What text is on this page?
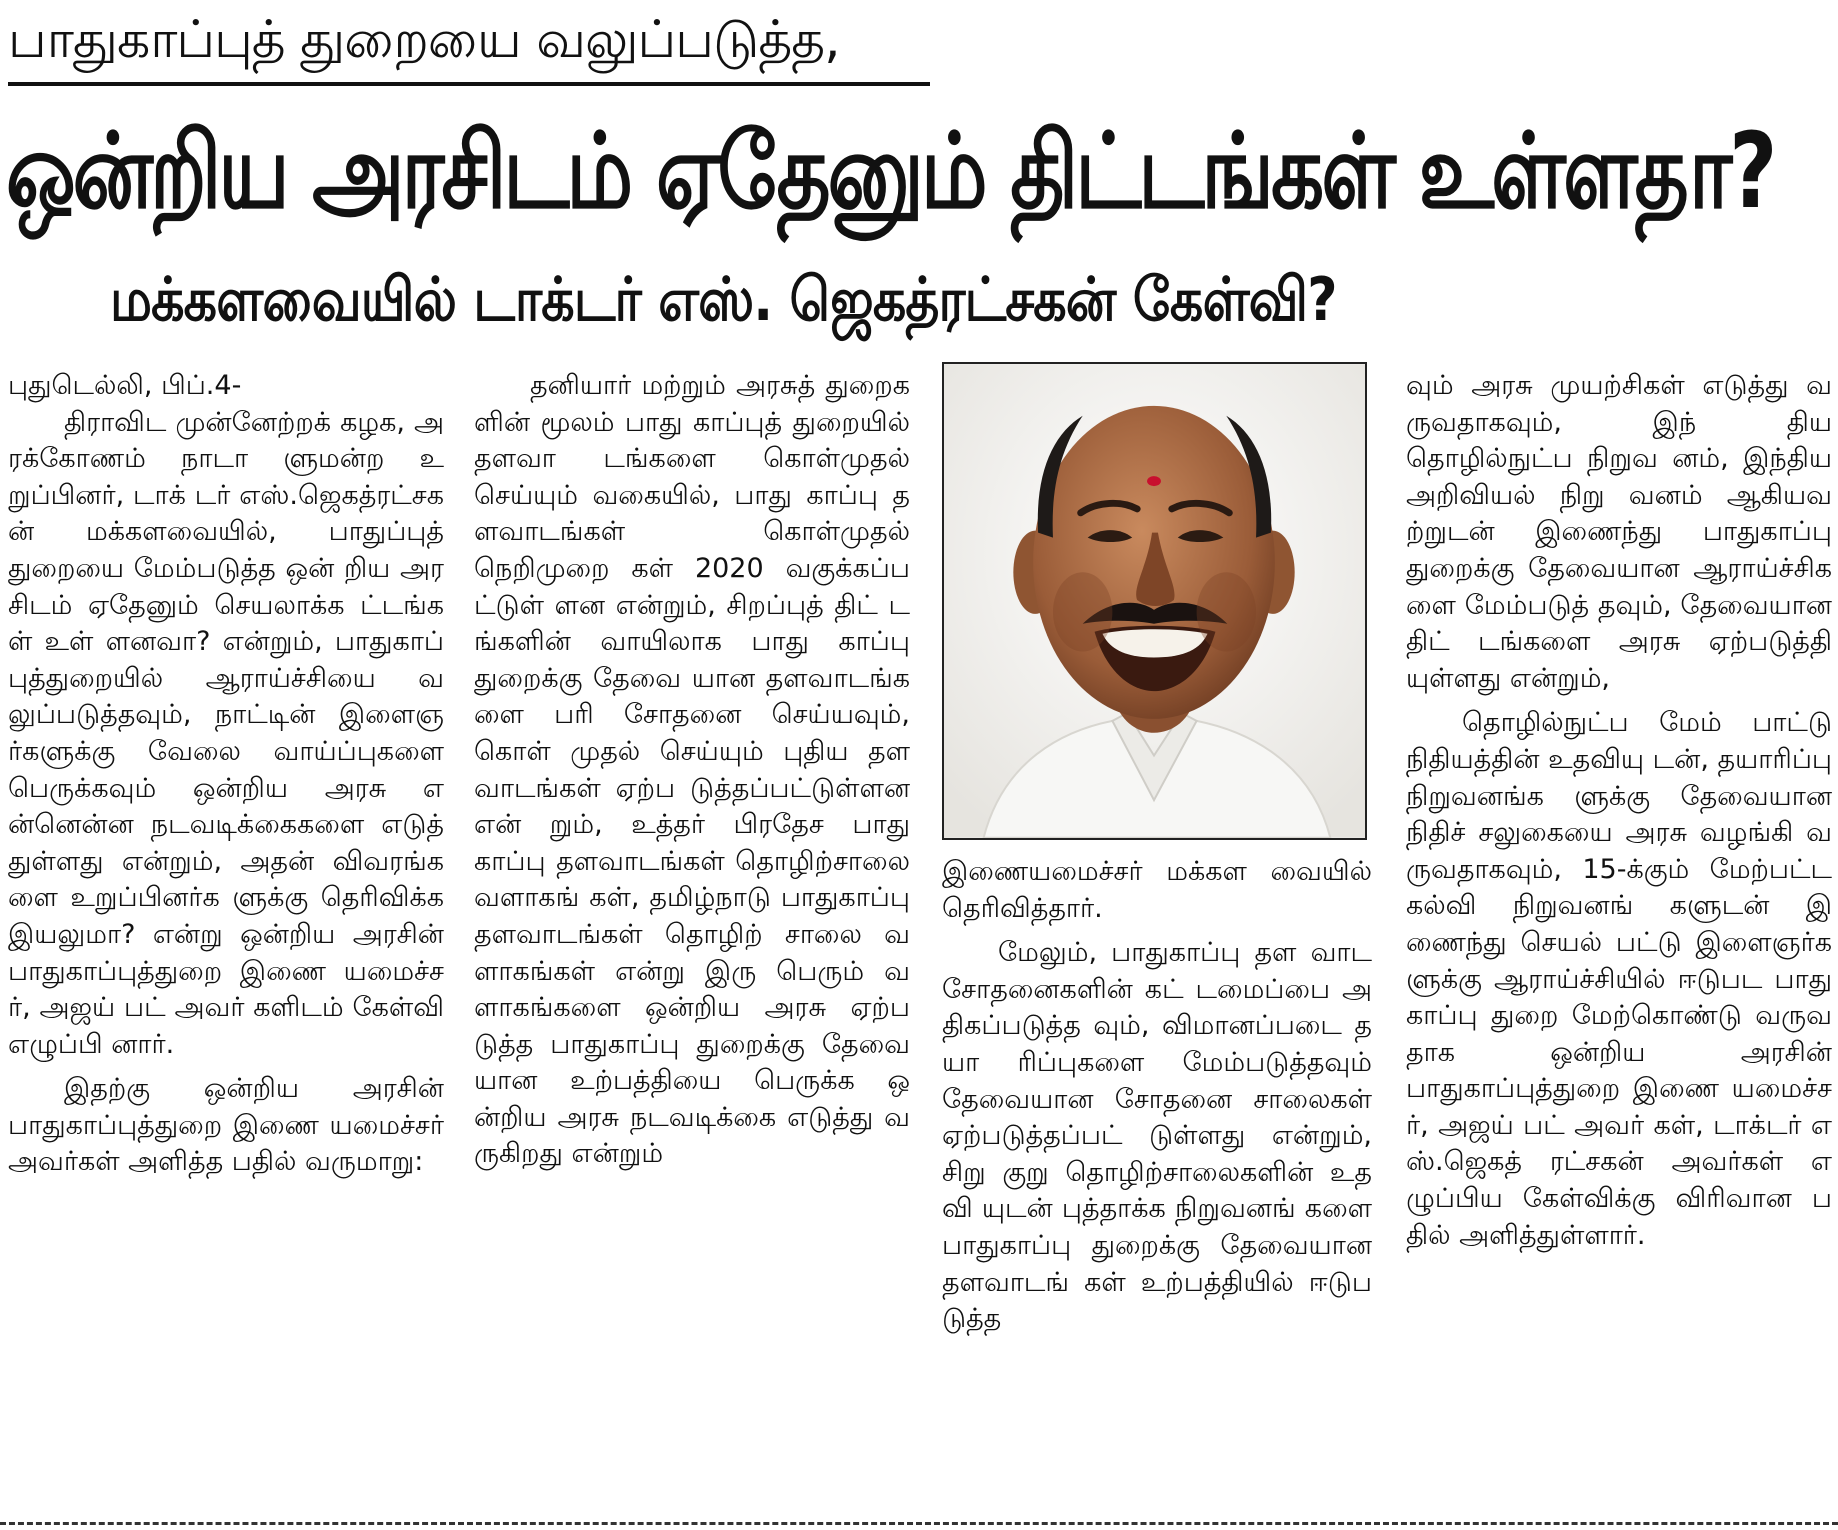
பாதுகாப்புத் துறையை வலுப்படுத்த,
ஒன்றிய அரசிடம் ஏதேனும் திட்டங்கள் உள்ளதா?
மக்களவையில் டாக்டர் எஸ். ஜெகத்ரட்சகன் கேள்வி?

புதுடெல்லி, பிப்.4-

திராவிட முன்னேற்றக் கழக, அரக்கோணம் நாடா ளுமன்ற உறுப்பினர், டாக் டர் எஸ்.ஜெகத்ரட்சகன் மக்களவையில், பாதுப்புத் துறையை மேம்படுத்த ஒன் றிய அரசிடம் ஏதேனும் செயலாக்க ட்டங்கள் உள் ளனவா? என்றும், பாதுகாப் புத்துறையில் ஆராய்ச்சியை வலுப்படுத்தவும், நாட்டின் இளைஞர்களுக்கு வேலை வாய்ப்புகளை பெருக்கவும் ஒன்றிய அரசு என்னென்ன நடவடிக்கைகளை எடுத் துள்ளது என்றும், அதன் விவரங்களை உறுப்பினர்க ளுக்கு தெரிவிக்க இயலுமா? என்று ஒன்றிய அரசின் பாதுகாப்புத்துறை இணை யமைச்சர், அஜய் பட் அவர் களிடம் கேள்வி எழுப்பி னார்.

இதற்கு ஒன்றிய அரசின் பாதுகாப்புத்துறை இணை யமைச்சர் அவர்கள் அளித்த பதில் வருமாறு:

தனியார் மற்றும் அரசுத் துறைகளின் மூலம் பாது காப்புத் துறையில் தளவா டங்களை கொள்முதல் செய்யும் வகையில், பாது காப்பு தளவாடங்கள் கொள்முதல் நெறிமுறை கள் 2020 வகுக்கப்பட்டுள் ளன என்றும், சிறப்புத் திட் டங்களின் வாயிலாக பாது காப்பு துறைக்கு தேவை யான தளவாடங்களை பரி சோதனை செய்யவும், கொள் முதல் செய்யும் புதிய தளவாடங்கள் ஏற்ப டுத்தப்பட்டுள்ளன என் றும், உத்தர் பிரதேச பாது காப்பு தளவாடங்கள் தொழிற்சாலை வளாகங் கள், தமிழ்நாடு பாதுகாப்பு தளவாடங்கள் தொழிற் சாலை வளாகங்கள் என்று இரு பெரும் வளாகங்களை ஒன்றிய அரசு ஏற்படுத்த பாதுகாப்பு துறைக்கு தேவை யான உற்பத்தியை பெருக்க ஒன்றிய அரசு நடவடிக்கை எடுத்து வருகிறது என்றும்

இணையமைச்சர் மக்கள வையில் தெரிவித்தார்.

மேலும், பாதுகாப்பு தள வாட சோதனைகளின் கட் டமைப்பை அதிகப்படுத்த வும், விமானப்படை தயா ரிப்புகளை மேம்படுத்தவும் தேவையான சோதனை சாலைகள் ஏற்படுத்தப்பட் டுள்ளது என்றும், சிறு குறு தொழிற்சாலைகளின் உதவி யுடன் புத்தாக்க நிறுவனங் களை பாதுகாப்பு துறைக்கு தேவையான தளவாடங் கள் உற்பத்தியில் ஈடுபடுத்த

வும் அரசு முயற்சிகள் எடுத்து வருவதாகவும், இந் திய தொழில்நுட்ப நிறுவ னம், இந்திய அறிவியல் நிறு வனம் ஆகியவற்றுடன் இணைந்து பாதுகாப்பு துறைக்கு தேவையான ஆராய்ச்சிகளை மேம்படுத் தவும், தேவையான திட் டங்களை அரசு ஏற்படுத்தி யுள்ளது என்றும்,

தொழில்நுட்ப மேம் பாட்டு நிதியத்தின் உதவியு டன், தயாரிப்பு நிறுவனங்க ளுக்கு தேவையான நிதிச் சலுகையை அரசு வழங்கி வருவதாகவும், 15-க்கும் மேற்பட்ட கல்வி நிறுவனங் களுடன் இணைந்து செயல் பட்டு இளைஞர்களுக்கு ஆராய்ச்சியில் ஈடுபட பாது காப்பு துறை மேற்கொண்டு வருவதாக ஒன்றிய அரசின் பாதுகாப்புத்துறை இணை யமைச்சர், அஜய் பட் அவர் கள், டாக்டர் எஸ்.ஜெகத் ரட்சகன் அவர்கள் எழுப்பிய கேள்விக்கு விரிவான பதில் அளித்துள்ளார்.
